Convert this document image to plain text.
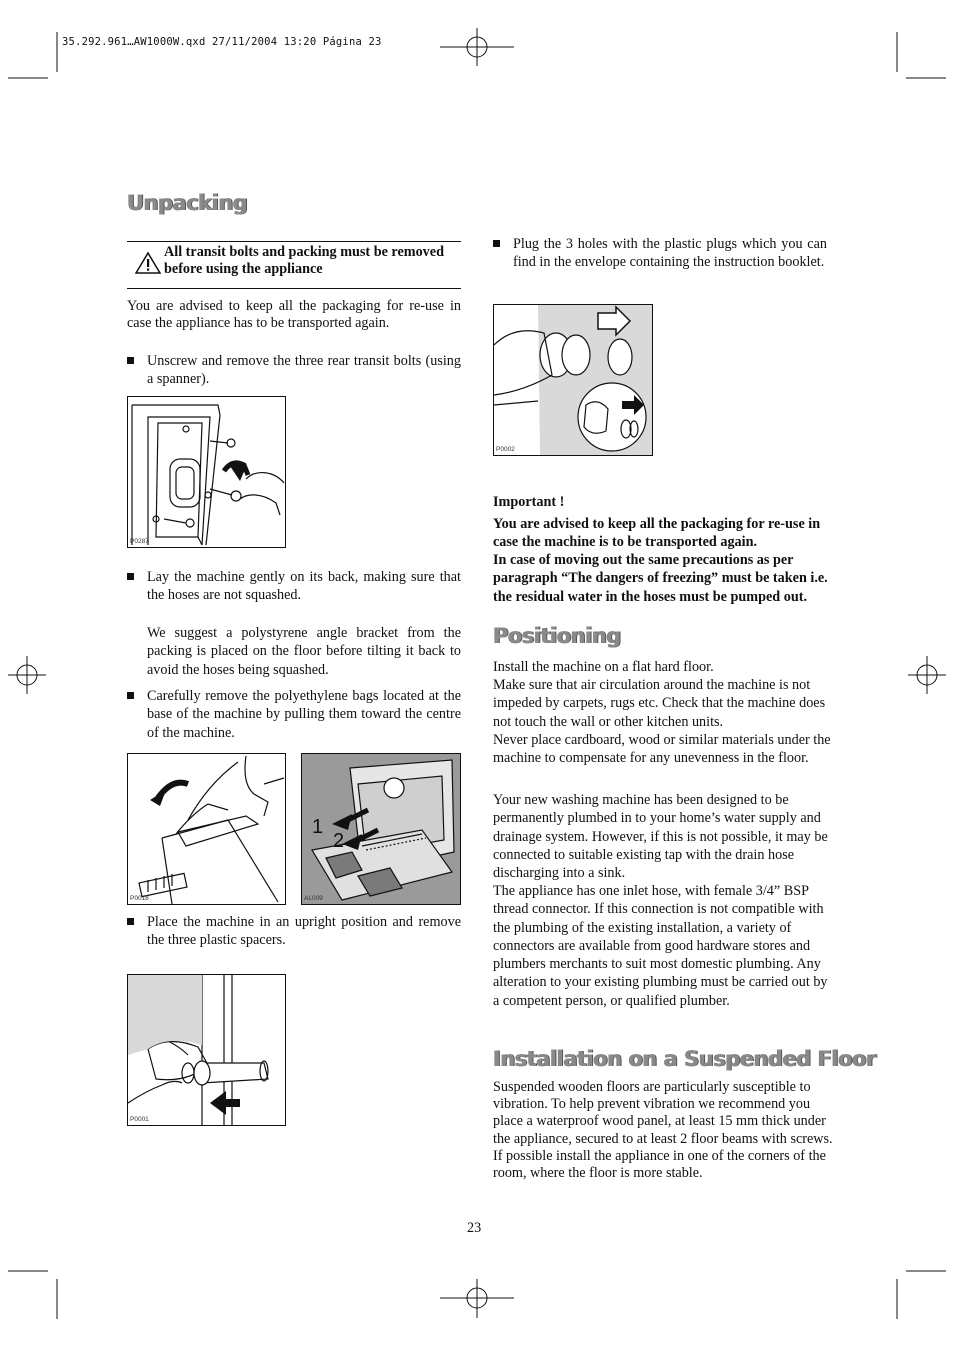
35.292.961…AW1000W.qxd 27/11/2004 13:20 Página 23
Unpacking
All transit bolts and packing must be removed before using the appliance
You are advised to keep all the packaging for re-use in case the appliance has to be transported again.
Unscrew and remove the three rear transit bolts (using a spanner).
P0287
Lay the machine gently on its back, making sure that the hoses are not squashed.
We suggest a polystyrene angle bracket from the packing is placed on the floor before tilting it back to avoid the hoses being squashed.
Carefully remove the polyethylene bags located at the base of the machine by pulling them toward the centre of the machine.
P0018
1
2
AL009
Place the machine in an upright position and remove the three plastic spacers.
P0001
Plug the 3 holes with the plastic plugs which you can find in the envelope containing the instruction booklet.
P0002
Important !
You are advised to keep all the packaging for re-use in case the machine is to be transported again.
In case of moving out the same precautions as per paragraph “The dangers of freezing” must be taken i.e. the residual water in the hoses must be pumped out.
Positioning
Install the machine on a flat hard floor.
Make sure that air circulation around the machine is not impeded by carpets, rugs etc. Check that the machine does not touch the wall or other kitchen units.
Never place cardboard, wood or similar materials under the machine to compensate for any unevenness in the floor.
Your new washing machine has been designed to be permanently plumbed in to your home’s water supply and drainage system. However, if this is not possible, it may be connected to suitable existing tap with the drain hose discharging into a sink.
The appliance has one inlet hose, with female 3/4” BSP thread connector. If this connection is not compatible with the plumbing of the existing installation, a variety of connectors are available from good hardware stores and plumbers merchants to suit most domestic plumbing. Any alteration to your existing plumbing must be carried out by a competent person, or qualified plumber.
Installation on a Suspended Floor
Suspended wooden floors are particularly susceptible to vibration. To help prevent vibration we recommend you place a waterproof wood panel, at least 15 mm thick under the appliance, secured to at least 2 floor beams with screws. If possible install the appliance in one of the corners of the room, where the floor is more stable.
23
